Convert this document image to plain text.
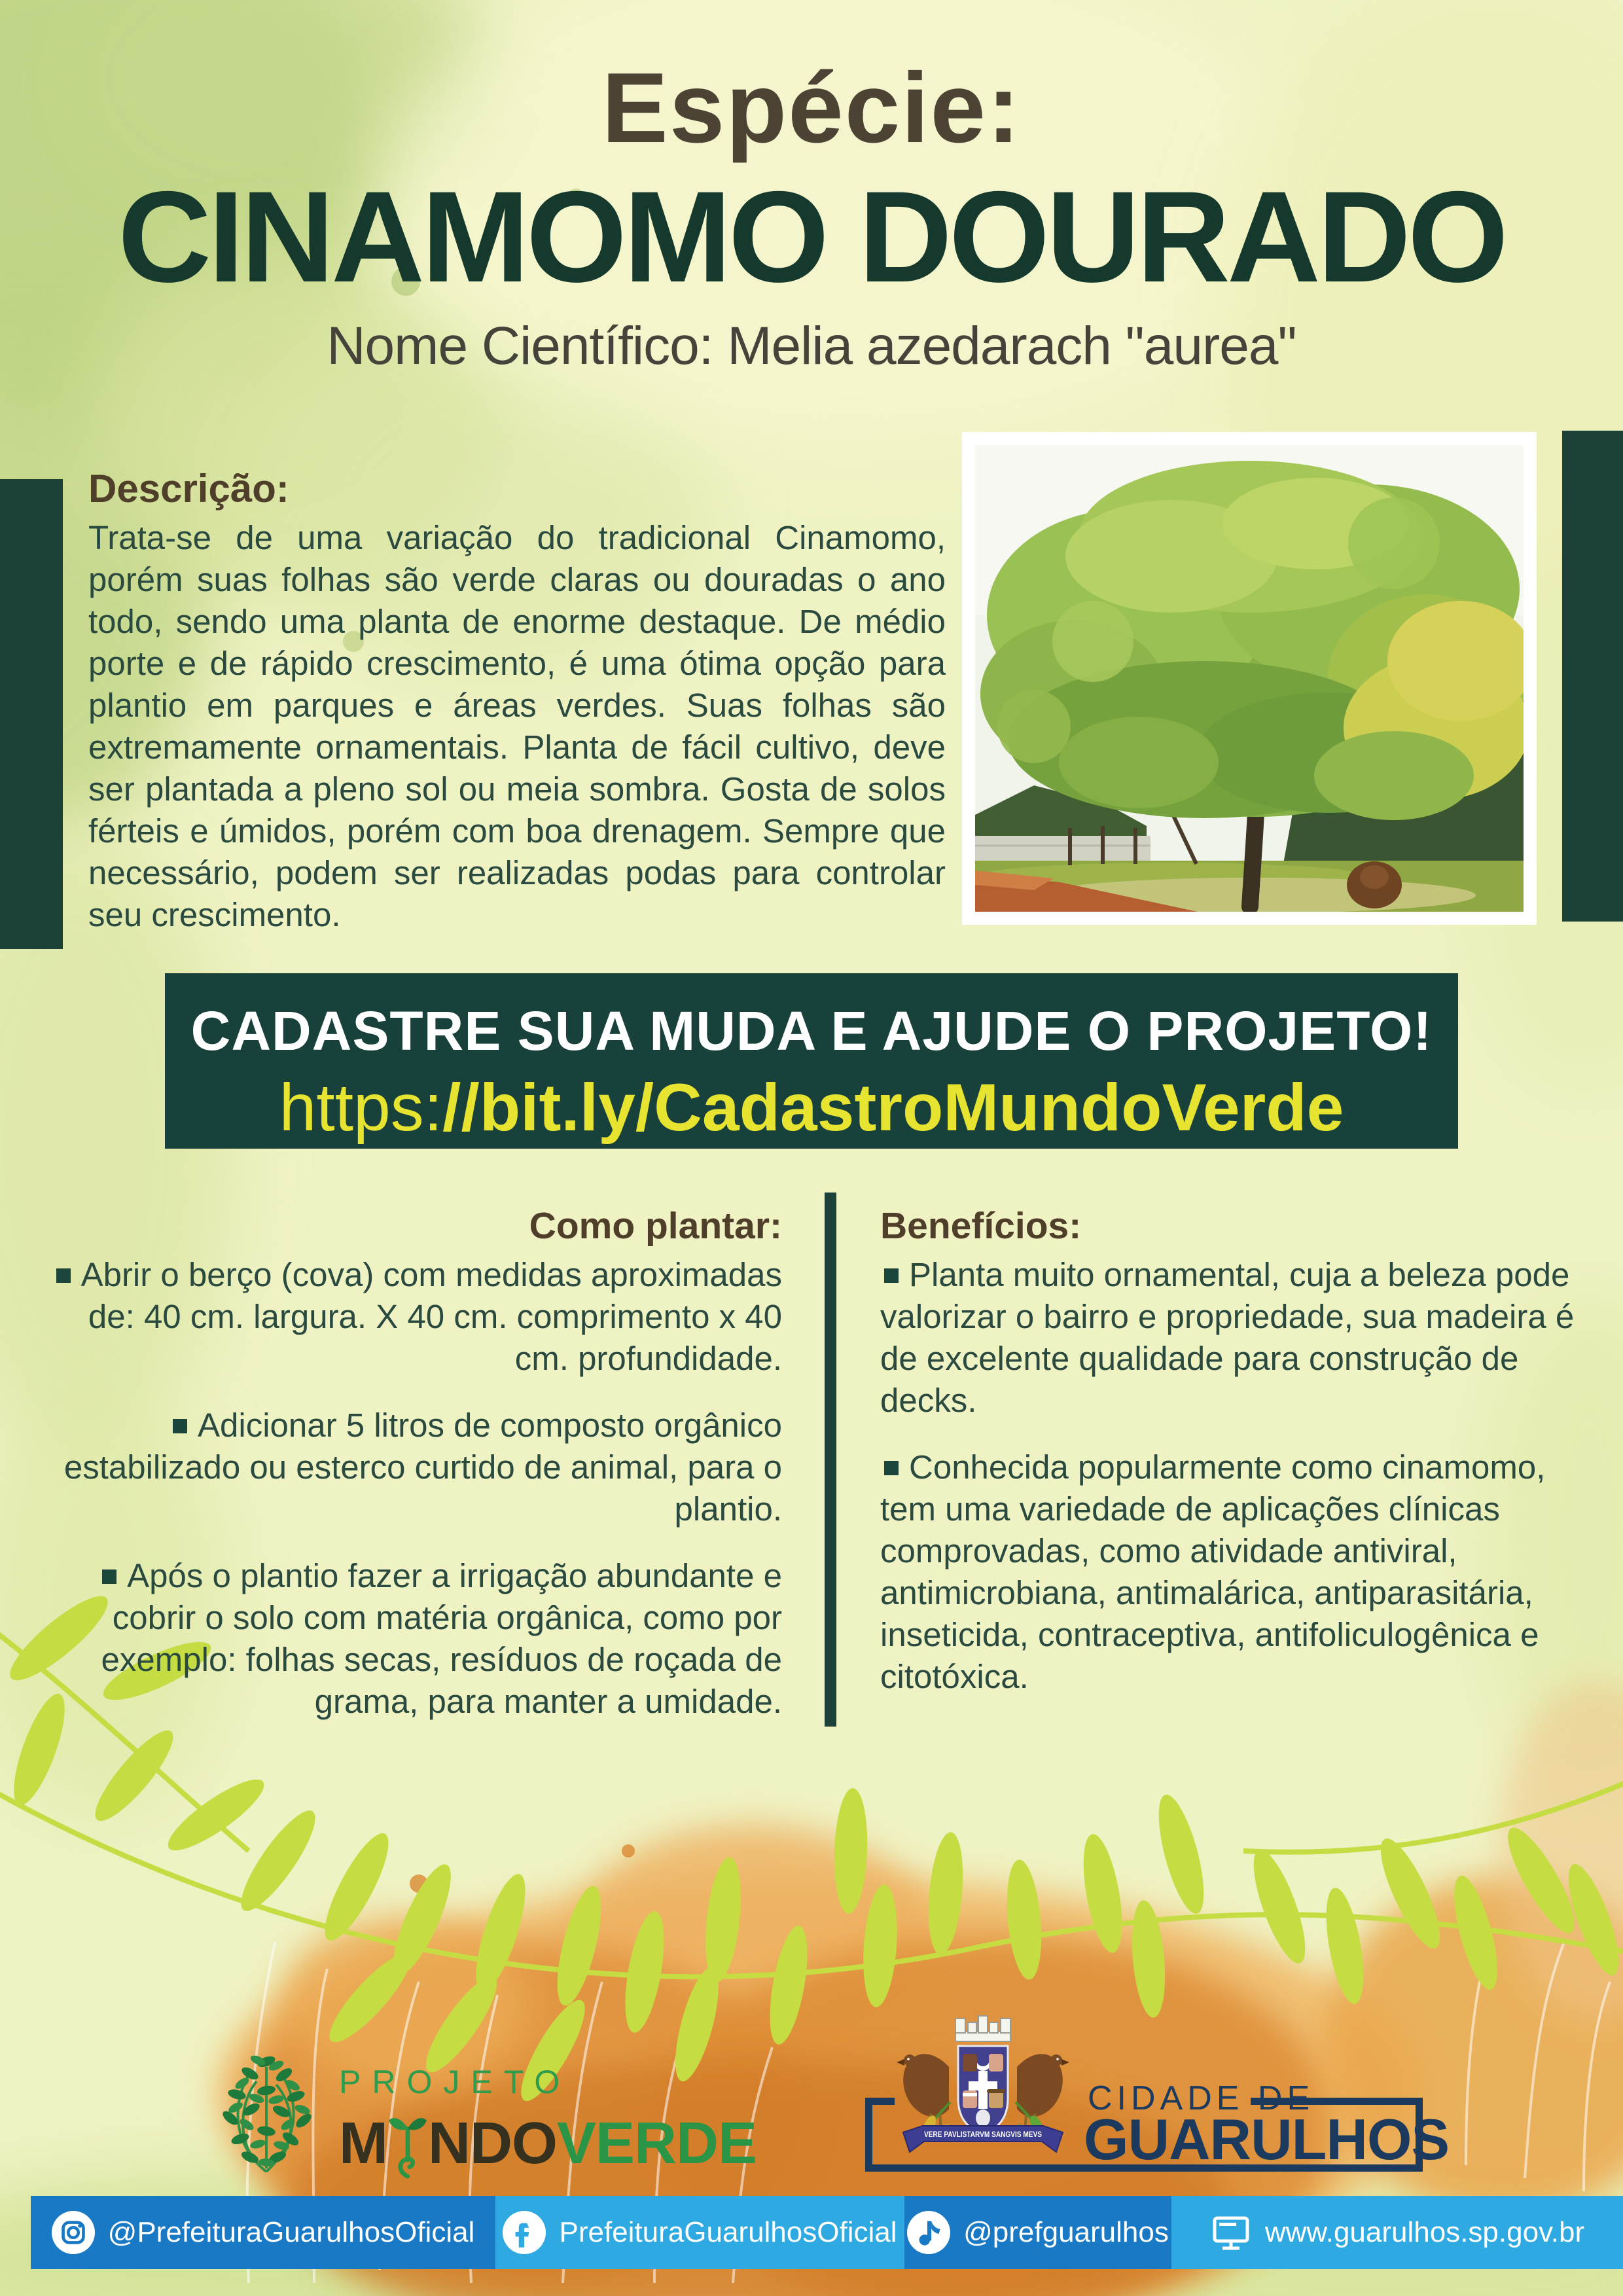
Espécie:
CINAMOMO DOURADO
Nome Científico: Melia azedarach "aurea"
Descrição:
Trata-se de uma variação do tradicional Cinamomo, porém suas folhas são verde claras ou douradas o ano todo, sendo uma planta de enorme destaque. De médio porte e de rápido crescimento, é uma ótima opção para plantio em parques e áreas verdes. Suas folhas são extremamente ornamentais. Planta de fácil cultivo, deve ser plantada a pleno sol ou meia sombra. Gosta de solos férteis e úmidos, porém com boa drenagem. Sempre que necessário, podem ser realizadas podas para controlar seu crescimento.
CADASTRE SUA MUDA E AJUDE O PROJETO!
https://bit.ly/CadastroMundoVerde
Como plantar:

Abrir o berço (cova) com medidas aproximadas de: 40 cm. largura. X 40 cm. comprimento x 40 cm. profundidade.

Adicionar 5 litros de composto orgânico estabilizado ou esterco curtido de animal, para o plantio.

Após o plantio fazer a irrigação abundante e cobrir o solo com matéria orgânica, como por exemplo: folhas secas, resíduos de roçada de grama, para manter a umidade.

Benefícios:

Planta muito ornamental, cuja a beleza pode valorizar o bairro e propriedade, sua madeira é de excelente qualidade para construção de decks.

Conhecida popularmente como cinamomo, tem uma variedade de aplicações clínicas comprovadas, como atividade antiviral, antimicrobiana, antimalárica, antiparasitária, inseticida, contraceptiva, antifoliculogênica e citotóxica.

PROJETO
M NDO VERDE
CIDADE DE
GUARULHOS
VERE PAVLISTARVM SANGVIS MEVS
@PrefeituraGuarulhosOficial	PrefeituraGuarulhosOficial @prefguarulhos	www.guarulhos.sp.gov.br
